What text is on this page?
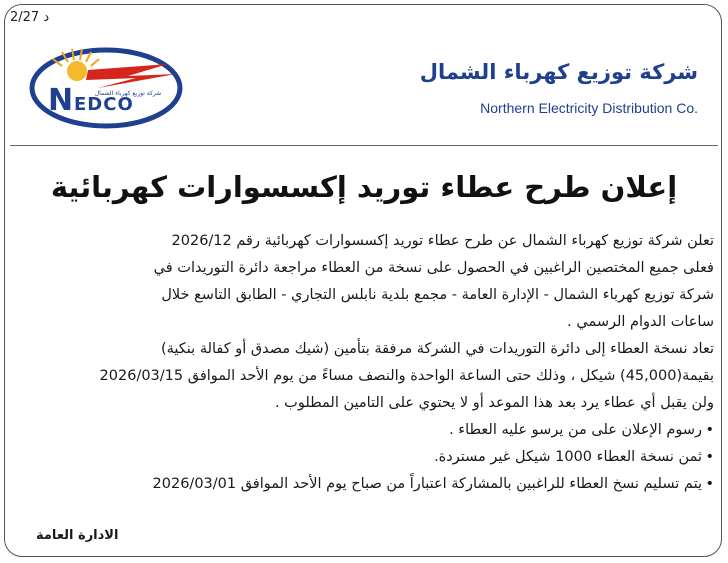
2/27 د
N EDCO
شركة توزيع كهرباء الشمال
شركة توزيع كهرباء الشمال
Northern Electricity Distribution Co.
إعلان طرح عطاء توريد إكسسوارات كهربائية

تعلن شركة توزيع كهرباء الشمال عن طرح عطاء توريد إكسسوارات كهربائية رقم 2026/12
فعلى جميع المختصين الراغبين في الحصول على نسخة من العطاء مراجعة دائرة التوريدات في
شركة توزيع كهرباء الشمال - الإدارة العامة - مجمع بلدية نابلس التجاري - الطابق التاسع خلال
ساعات الدوام الرسمي .

تعاد نسخة العطاء إلى دائرة التوريدات في الشركة مرفقة بتأمين (شيك مصدق أو كفالة بنكية)
بقيمة(45,000) شيكل ، وذلك حتى الساعة الواحدة والنصف مساءً من يوم الأحد الموافق 2026/03/15
ولن يقبل أي عطاء يرد بعد هذا الموعد أو لا يحتوي على التامين المطلوب .

• رسوم الإعلان على من يرسو عليه العطاء .
• ثمن نسخة العطاء 1000 شيكل غير مستردة.
• يتم تسليم نسخ العطاء للراغبين بالمشاركة اعتباراً من صباح يوم الأحد الموافق 2026/03/01
الادارة العامة
